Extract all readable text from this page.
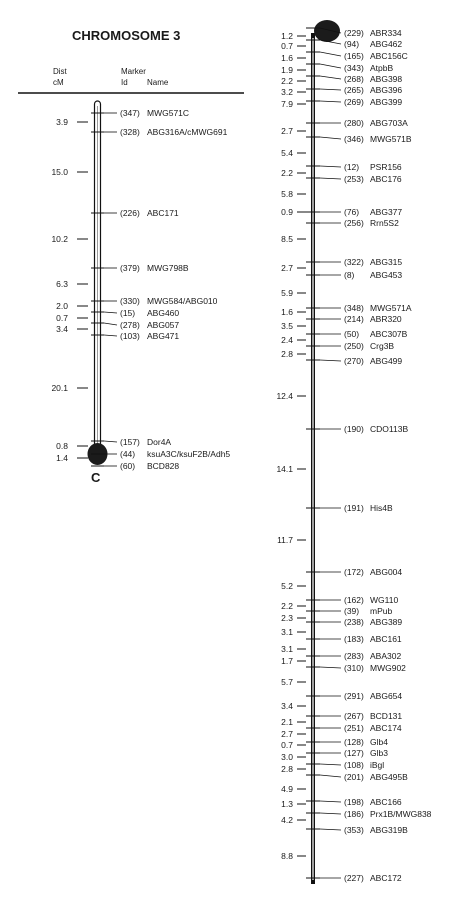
CHROMOSOME 3
Dist
cM
Marker
Id Name
C
3.9
15.0
10.2
6.3
2.0
0.7
3.4
20.1
0.8
1.4
(347) MWG571C
(328) ABG316A/cMWG691
(226) ABC171
(379) MWG798B
(330) MWG584/ABG010
(15) ABG460
(278) ABG057
(103) ABG471
(157) Dor4A
(44) ksuA3C/ksuF2B/Adh5
(60) BCD828
1.2
0.7
1.6
1.9
2.2
3.2
7.9
2.7
5.4
2.2
5.8
0.9
8.5
2.7
5.9
1.6
3.5
2.4
2.8
12.4
14.1
11.7
5.2
2.2
2.3
3.1
3.1
1.7
5.7
3.4
2.1
2.7
0.7
3.0
2.8
4.9
1.3
4.2
8.8
(229) ABR334
(94) ABG462
(165) ABC156C
(343) AtpbB
(268) ABG398
(265) ABG396
(269) ABG399
(280) ABG703A
(346) MWG571B
(12) PSR156
(253) ABC176
(76) ABG377
(256) Rrn5S2
(322) ABG315
(8) ABG453
(348) MWG571A
(214) ABR320
(50) ABC307B
(250) Crg3B
(270) ABG499
(190) CDO113B
(191) His4B
(172) ABG004
(162) WG110
(39) mPub
(238) ABG389
(183) ABC161
(283) ABA302
(310) MWG902
(291) ABG654
(267) BCD131
(251) ABC174
(128) Glb4
(127) Glb3
(108) iBgl
(201) ABG495B
(198) ABC166
(186) Prx1B/MWG838
(353) ABG319B
(227) ABC172
